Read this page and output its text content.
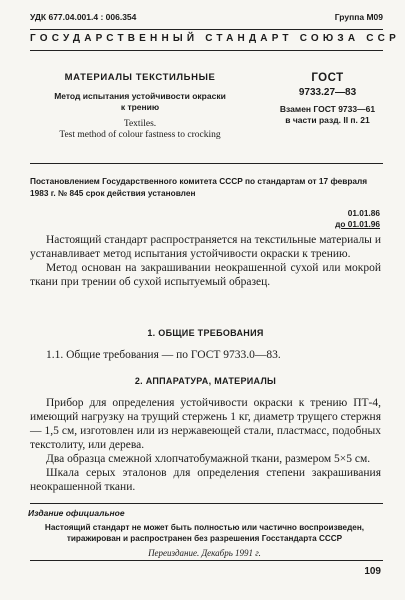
УДК 677.04.001.4 : 006.354	Группа М09
ГОСУДАРСТВЕННЫЙ СТАНДАРТ СОЮЗА ССР
МАТЕРИАЛЫ ТЕКСТИЛЬНЫЕ
Метод испытания устойчивости окраски
к трению
Textiles.
Test method of colour fastness to crocking
ГОСТ
9733.27—83
Взамен ГОСТ 9733—61
в части разд. II п. 21
Постановлением Государственного комитета СССР по стандартам от 17 февраля
1983 г. № 845 срок действия установлен
01.01.86
до 01.01.96
Настоящий стандарт распространяется на текстильные материалы и устанавливает метод испытания устойчивости окраски к трению.
Метод основан на закрашивании неокрашенной сухой или мокрой ткани при трении об сухой испытуемый образец.
1. ОБЩИЕ ТРЕБОВАНИЯ
1.1. Общие требования — по ГОСТ 9733.0—83.
2. АППАРАТУРА, МАТЕРИАЛЫ
Прибор для определения устойчивости окраски к трению ПТ-4, имеющий нагрузку на трущий стержень 1 кг, диаметр трущего стержня — 1,5 см, изготовлен или из нержавеющей стали, пластмасс, подобных текстолиту, или дерева.
Два образца смежной хлопчатобумажной ткани, размером 5×5 см.
Шкала серых эталонов для определения степени закрашивания неокрашенной ткани.
Издание официальное
Настоящий стандарт не может быть полностью или частично воспроизведен,
тиражирован и распространен без разрешения Госстандарта СССР
Переиздание. Декабрь 1991 г.
109
